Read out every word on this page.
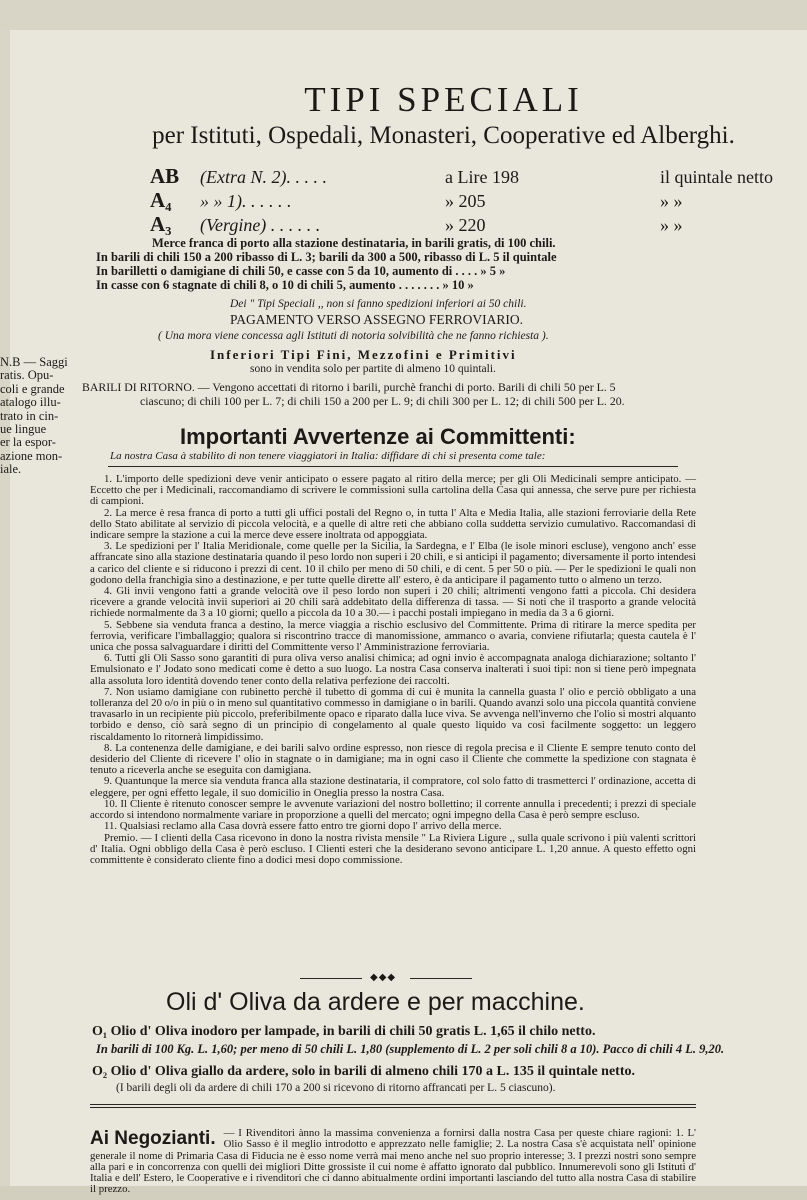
N.B — Saggi
ratis. Opu-
coli e grande
atalogo illu-
trato in cin-
ue lingue
er la espor-
azione mon-
iale.
TIPI SPECIALI
per Istituti, Ospedali, Monasteri, Cooperative ed Alberghi.
AB (Extra N. 2). . . . .	a Lire 198	il quintale netto
A₄ » » 1). . . . . .	» 205	» »
A₃ (Vergine) . . . . . .	» 220	» »
Merce franca di porto alla stazione destinataria, in barili gratis, di 100 chili.
In barili di chili 150 a 200 ribasso di L. 3; barili da 300 a 500, ribasso di L. 5 il quintale
In barilletti o damigiane di chili 50, e casse con 5 da 10, aumento di . . . . » 5 »
In casse con 6 stagnate di chili 8, o 10 di chili 5, aumento . . . . . . . » 10 »
Dei " Tipi Speciali ,, non si fanno spedizioni inferiori ai 50 chili.
PAGAMENTO VERSO ASSEGNO FERROVIARIO.
( Una mora viene concessa agli Istituti di notoria solvibilità che ne fanno richiesta ).
Inferiori Tipi Fini, Mezzofini e Primitivi
sono in vendita solo per partite di almeno 10 quintali.
BARILI DI RITORNO. — Vengono accettati di ritorno i barili, purchè franchi di porto. Barili di chili 50 per L. 5
ciascuno; di chili 100 per L. 7; di chili 150 a 200 per L. 9; di chili 300 per L. 12; di chili 500 per L. 20.
Importanti Avvertenze ai Committenti:
La nostra Casa à stabilito di non tenere viaggiatori in Italia: diffidare di chi si presenta come tale:

1. L'importo delle spedizioni deve venir anticipato o essere pagato al ritiro della merce; per gli Oli Medicinali sempre anticipato. — Eccetto che per i Medicinali, raccomandiamo di scrivere le commissioni sulla cartolina della Casa qui annessa, che serve pure per richiesta di campioni.

2. La merce è resa franca di porto a tutti gli uffici postali del Regno o, in tutta l' Alta e Media Italia, alle stazioni ferroviarie della Rete dello Stato abilitate al servizio di piccola velocità, e a quelle di altre reti che abbiano colla suddetta servizio cumulativo. Raccomandasi di indicare sempre la stazione a cui la merce deve essere inoltrata od appoggiata.

3. Le spedizioni per l' Italia Meridionale, come quelle per la Sicilia, la Sardegna, e l' Elba (le isole minori escluse), vengono anch' esse affrancate sino alla stazione destinataria quando il peso lordo non superi i 20 chili, e si anticipi il pagamento; diversamente il porto intendesi a carico del cliente e si riducono i prezzi di cent. 10 il chilo per meno di 50 chili, e di cent. 5 per 50 o più. — Per le spedizioni le quali non godono della franchigia sino a destinazione, e per tutte quelle dirette all' estero, è da anticipare il pagamento tutto o almeno un terzo.

4. Gli invii vengono fatti a grande velocità ove il peso lordo non superi i 20 chili; altrimenti vengono fatti a piccola. Chi desidera ricevere a grande velocità invii superiori ai 20 chili sarà addebitato della differenza di tassa. — Si noti che il trasporto a grande velocità richiede normalmente da 3 a 10 giorni; quello a piccola da 10 a 30.— i pacchi postali impiegano in media da 3 a 6 giorni.

5. Sebbene sia venduta franca a destino, la merce viaggia a rischio esclusivo del Committente. Prima di ritirare la merce spedita per ferrovia, verificare l'imballaggio; qualora si riscontrino tracce di manomissione, ammanco o avaria, conviene rifiutarla; questa cautela è l' unica che possa salvaguardare i diritti del Committente verso l' Amministrazione ferroviaria.

6. Tutti gli Oli Sasso sono garantiti di pura oliva verso analisi chimica; ad ogni invio è accompagnata analoga dichiarazione; soltanto l' Emulsionato e l' Jodato sono medicati come è detto a suo luogo. La nostra Casa conserva inalterati i suoi tipi: non si tiene però impegnata alla assoluta loro identità dovendo tener conto della relativa perfezione dei raccolti.

7. Non usiamo damigiane con rubinetto perchè il tubetto di gomma di cui è munita la cannella guasta l' olio e perciò obbligato a una tolleranza del 20 o/o in più o in meno sul quantitativo commesso in damigiane o in barili. Quando avanzi solo una piccola quantità conviene travasarlo in un recipiente più piccolo, preferibilmente opaco e riparato dalla luce viva. Se avvenga nell'inverno che l'olio si mostri alquanto torbido e denso, ciò sarà segno di un principio di congelamento al quale questo liquido va così facilmente soggetto: un leggero riscaldamento lo ritornerà limpidissimo.

8. La contenenza delle damigiane, e dei barili salvo ordine espresso, non riesce di regola precisa e il Cliente E sempre tenuto conto del desiderio del Cliente di ricevere l' olio in stagnate o in damigiane; ma in ogni caso il Cliente che commette la spedizione con stagnata è tenuto a riceverla anche se eseguita con damigiana.

9. Quantunque la merce sia venduta franca alla stazione destinataria, il compratore, col solo fatto di trasmetterci l' ordinazione, accetta di eleggere, per ogni effetto legale, il suo domicilio in Oneglia presso la nostra Casa.

10. Il Cliente è ritenuto conoscer sempre le avvenute variazioni del nostro bollettino; il corrente annulla i precedenti; i prezzi di speciale accordo si intendono normalmente variare in proporzione a quelli del mercato; ogni impegno della Casa è però sempre escluso.

11. Qualsiasi reclamo alla Casa dovrà essere fatto entro tre giorni dopo l' arrivo della merce.

Premio. — I clienti della Casa ricevono in dono la nostra rivista mensile " La Riviera Ligure ,, sulla quale scrivono i più valenti scrittori d' Italia. Ogni obbligo della Casa è però escluso. I Clienti esteri che la desiderano sevono anticipare L. 1,20 annue. A questo effetto ogni committente è considerato cliente fino a dodici mesi dopo commissione.

◆◆◆
Oli d' Oliva da ardere e per macchine.
O₁ Olio d' Oliva inodoro per lampade, in barili di chili 50 gratis L. 1,65 il chilo netto.
In barili di 100 Kg. L. 1,60; per meno di 50 chili L. 1,80 (supplemento di L. 2 per soli chili 8 a 10). Pacco di chili 4 L. 9,20.
O₂ Olio d' Oliva giallo da ardere, solo in barili di almeno chili 170 a L. 135 il quintale netto.
(I barili degli oli da ardere di chili 170 a 200 si ricevono di ritorno affrancati per L. 5 ciascuno).
Ai Negozianti. — I Rivenditori ànno la massima convenienza a fornirsi dalla nostra Casa per queste chiare ragioni: 1. L' Olio Sasso è il meglio introdotto e apprezzato nelle famiglie; 2. La nostra Casa s'è acquistata nell' opinione generale il nome di Primaria Casa di Fiducia ne è esso nome verrà mai meno anche nel suo proprio interesse; 3. I prezzi nostri sono sempre alla pari e in concorrenza con quelli dei migliori Ditte grossiste il cui nome è affatto ignorato dal pubblico. Innumerevoli sono gli Istituti d' Italia e dell' Estero, le Cooperative e i rivenditori che ci danno abitualmente ordini importanti lasciando del tutto alla nostra Casa di stabilire il prezzo.
